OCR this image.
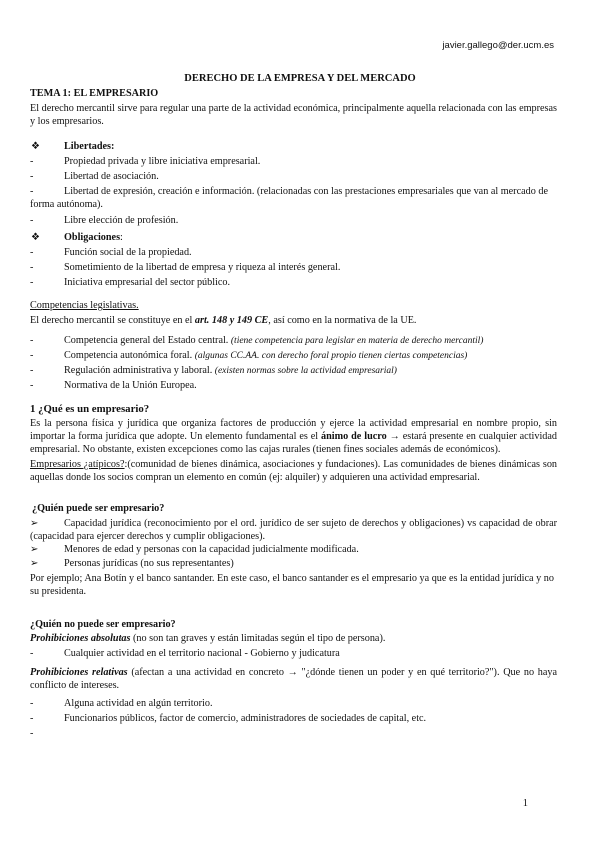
javier.gallego@der.ucm.es
DERECHO DE LA EMPRESA Y DEL MERCADO
TEMA 1: EL EMPRESARIO
El derecho mercantil sirve para regular una parte de la actividad económica, principalmente aquella relacionada con las empresas y los empresarios.
❖ Libertades:
-	Propiedad privada y libre iniciativa empresarial.
-	Libertad de asociación.
-	Libertad de expresión, creación e información. (relacionadas con las prestaciones empresariales que van al mercado de forma autónoma).
-	Libre elección de profesión.
❖ Obligaciones:
-	Función social de la propiedad.
-	Sometimiento de la libertad de empresa y riqueza al interés general.
-	Iniciativa empresarial del sector público.
Competencias legislativas.
El derecho mercantil se constituye en el art. 148 y 149 CE, así como en la normativa de la UE.
-	Competencia general del Estado central. (tiene competencia para legislar en materia de derecho mercantil)
-	Competencia autonómica foral. (algunas CC.AA. con derecho foral propio tienen ciertas competencias)
-	Regulación administrativa y laboral. (existen normas sobre la actividad empresarial)
-	Normativa de la Unión Europea.
1 ¿Qué es un empresario?
Es la persona física y jurídica que organiza factores de producción y ejerce la actividad empresarial en nombre propio, sin importar la forma jurídica que adopte. Un elemento fundamental es el ánimo de lucro → estará presente en cualquier actividad empresarial. No obstante, existen excepciones como las cajas rurales (tienen fines sociales además de económicos).
Empresarios ¿atípicos?:(comunidad de bienes dinámica, asociaciones y fundaciones). Las comunidades de bienes dinámicas son aquellas donde los socios compran un elemento en común (ej: alquiler) y adquieren una actividad empresarial.
¿Quién puede ser empresario?
➢	Capacidad jurídica (reconocimiento por el ord. jurídico de ser sujeto de derechos y obligaciones) vs capacidad de obrar (capacidad para ejercer derechos y cumplir obligaciones).
➢ Menores de edad y personas con la capacidad judicialmente modificada.
➢ Personas jurídicas (no sus representantes)
Por ejemplo; Ana Botín y el banco santander. En este caso, el banco santander es el empresario ya que es la entidad jurídica y no su presidenta.
¿Quién no puede ser empresario?
Prohibiciones absolutas (no son tan graves y están limitadas según el tipo de persona).
-	Cualquier actividad en el territorio nacional - Gobierno y judicatura
Prohibiciones relativas (afectan a una actividad en concreto → "¿dónde tienen un poder y en qué territorio?"). Que no haya conflicto de intereses.
-	Alguna actividad en algún territorio.
-	Funcionarios públicos, factor de comercio, administradores de sociedades de capital, etc.
-
1
